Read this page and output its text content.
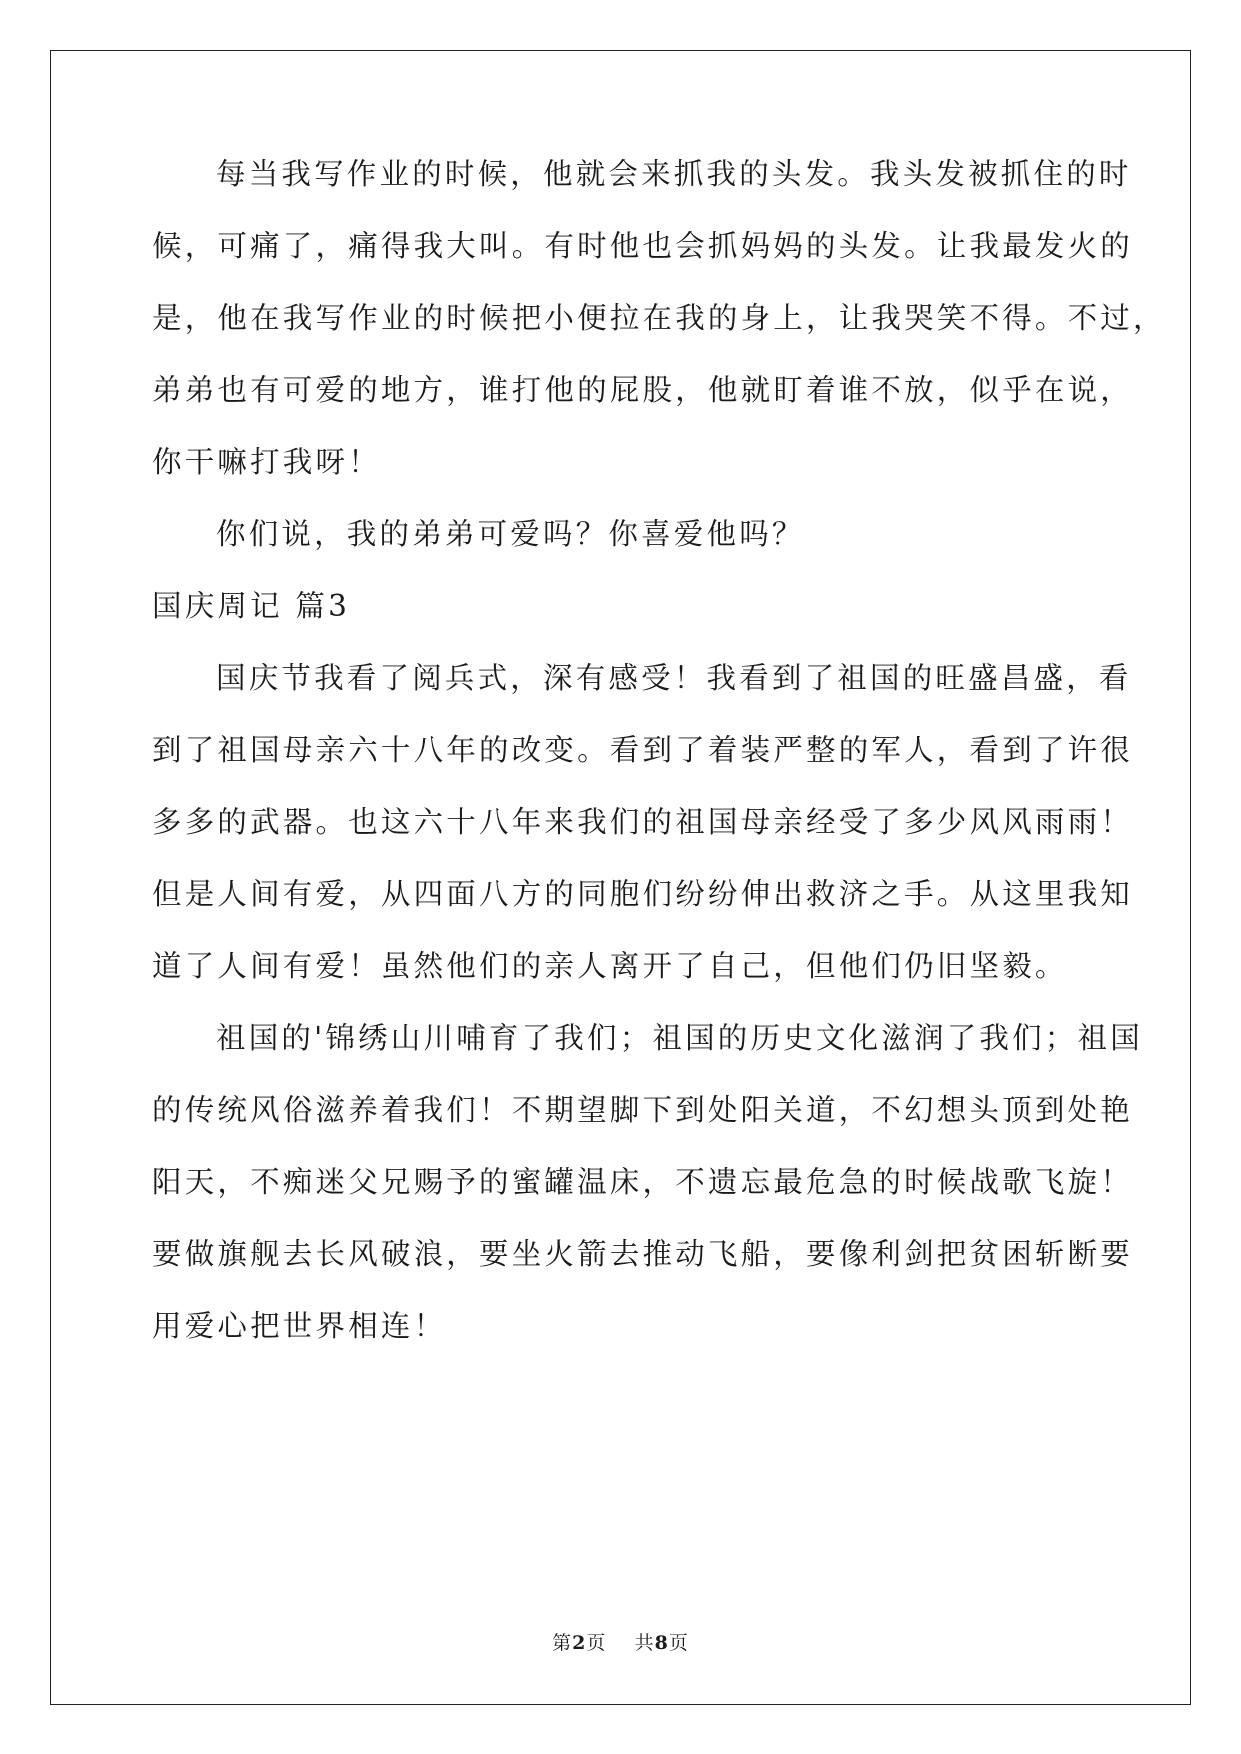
每当我写作业的时候，他就会来抓我的头发。我头发被抓住的时
候，可痛了，痛得我大叫。有时他也会抓妈妈的头发。让我最发火的
是，他在我写作业的时候把小便拉在我的身上，让我哭笑不得。不过，
弟弟也有可爱的地方，谁打他的屁股，他就盯着谁不放，似乎在说，
你干嘛打我呀！
你们说，我的弟弟可爱吗？你喜爱他吗？
国庆周记 篇3
国庆节我看了阅兵式，深有感受！我看到了祖国的旺盛昌盛，看
到了祖国母亲六十八年的改变。看到了着装严整的军人，看到了许很
多多的武器。也这六十八年来我们的祖国母亲经受了多少风风雨雨！
但是人间有爱，从四面八方的同胞们纷纷伸出救济之手。从这里我知
道了人间有爱！虽然他们的亲人离开了自己，但他们仍旧坚毅。
祖国的'锦绣山川哺育了我们；祖国的历史文化滋润了我们；祖国
的传统风俗滋养着我们！不期望脚下到处阳关道，不幻想头顶到处艳
阳天，不痴迷父兄赐予的蜜罐温床，不遗忘最危急的时候战歌飞旋！
要做旗舰去长风破浪，要坐火箭去推动飞船，要像利剑把贫困斩断要
用爱心把世界相连！
第2页 共8页
